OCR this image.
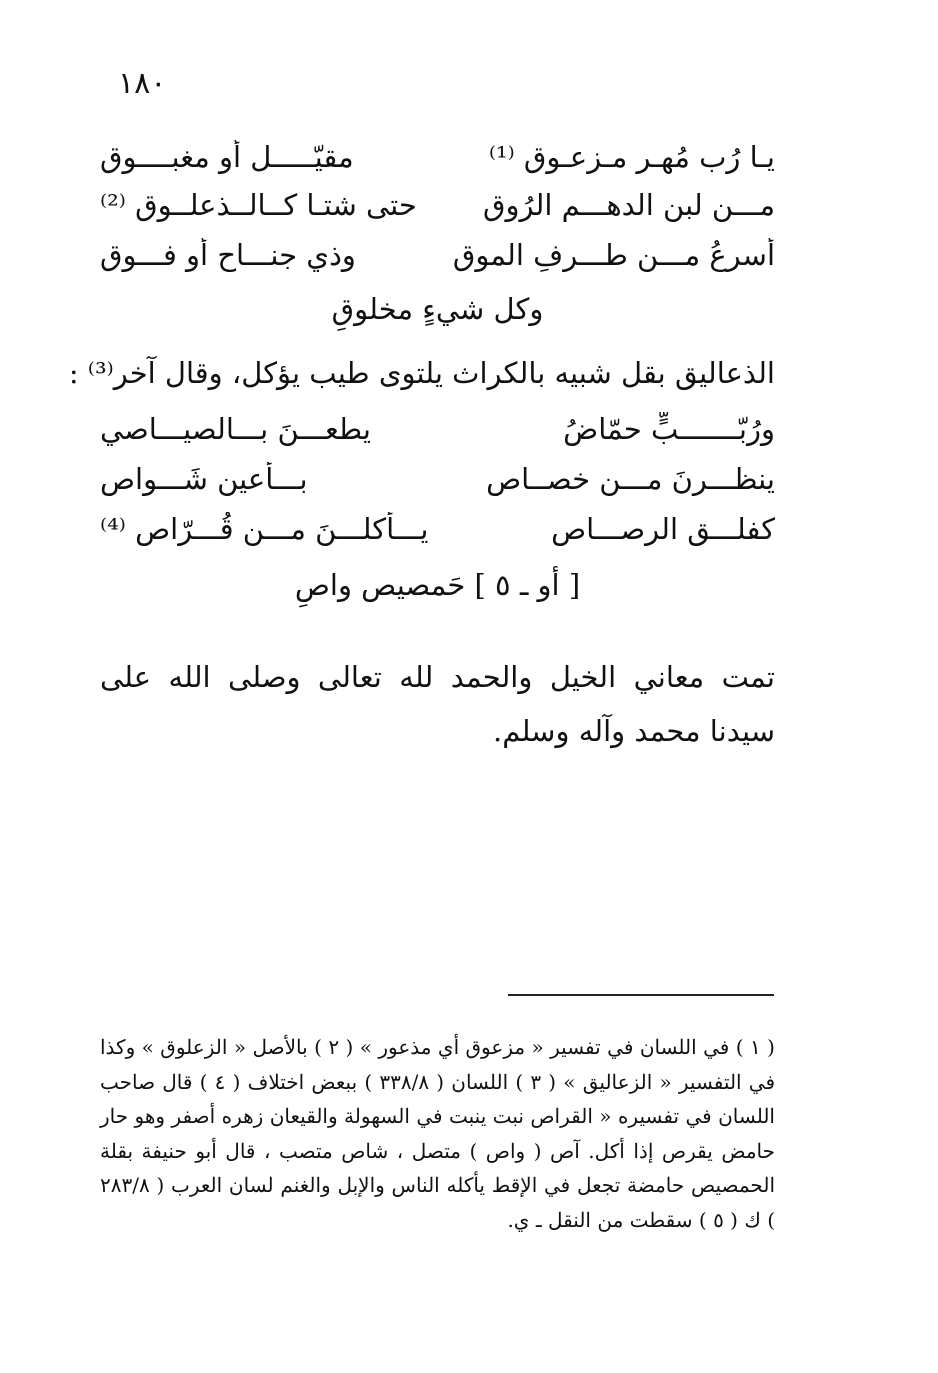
١٨٠
يـا رُب مُهـرِ مـزعـوقِ ⁽¹⁾
مقيّـــــلٍ أو مغبــــوقِ
مـــن لبن الدهـــم الرُوقِ
حتى شتـا كــالــذعلــوق ⁽²⁾
أسرعُ مـــن طـــرفِ الموقِ
وذي جنـــاحٍ أو فـــوقِ
وكل شيءٍ مخلوقِ
الذعاليق بقل شبيه بالكراث يلتوى طيب يؤكل، وقال آخر⁽³⁾ :
ورُبّـــــــبٍّ حمّاضُ
يطعـــنَ بـــالصيـــاصي
ينظـــرنَ مـــن خصــاصِ
بـــأعينٍ شَـــواصِ
كفلـــقِ الرصـــاصِ
يـــأكلـــنَ مـــن قُـــرّاصِ ⁽⁴⁾
[ أو ـ ٥ ] حَمصيص واصِ
تمت معاني الخيل والحمد لله تعالى وصلى الله على سيدنا محمد وآله وسلم.
( ١ ) في اللسان في تفسير « مزعوق أي مذعور » ( ٢ ) بالأصل « الزعلوق » وكذا في التفسير « الزعاليق » ( ٣ ) اللسان ( ٣٣٨/٨ ) ببعض اختلاف ( ٤ ) قال صاحب اللسان في تفسيره « القراص نبت ينبت في السهولة والقيعان زهره أصفر وهو حار حامض يقرص إذا أكل. آص ( واص ) متصل ، شاص متصب ، قال أبو حنيفة بقلة الحمصيص حامضة تجعل في الإقط يأكله الناس والإبل والغنم لسان العرب ( ٢٨٣/٨ ) ك ( ٥ ) سقطت من النقل ـ ي.
